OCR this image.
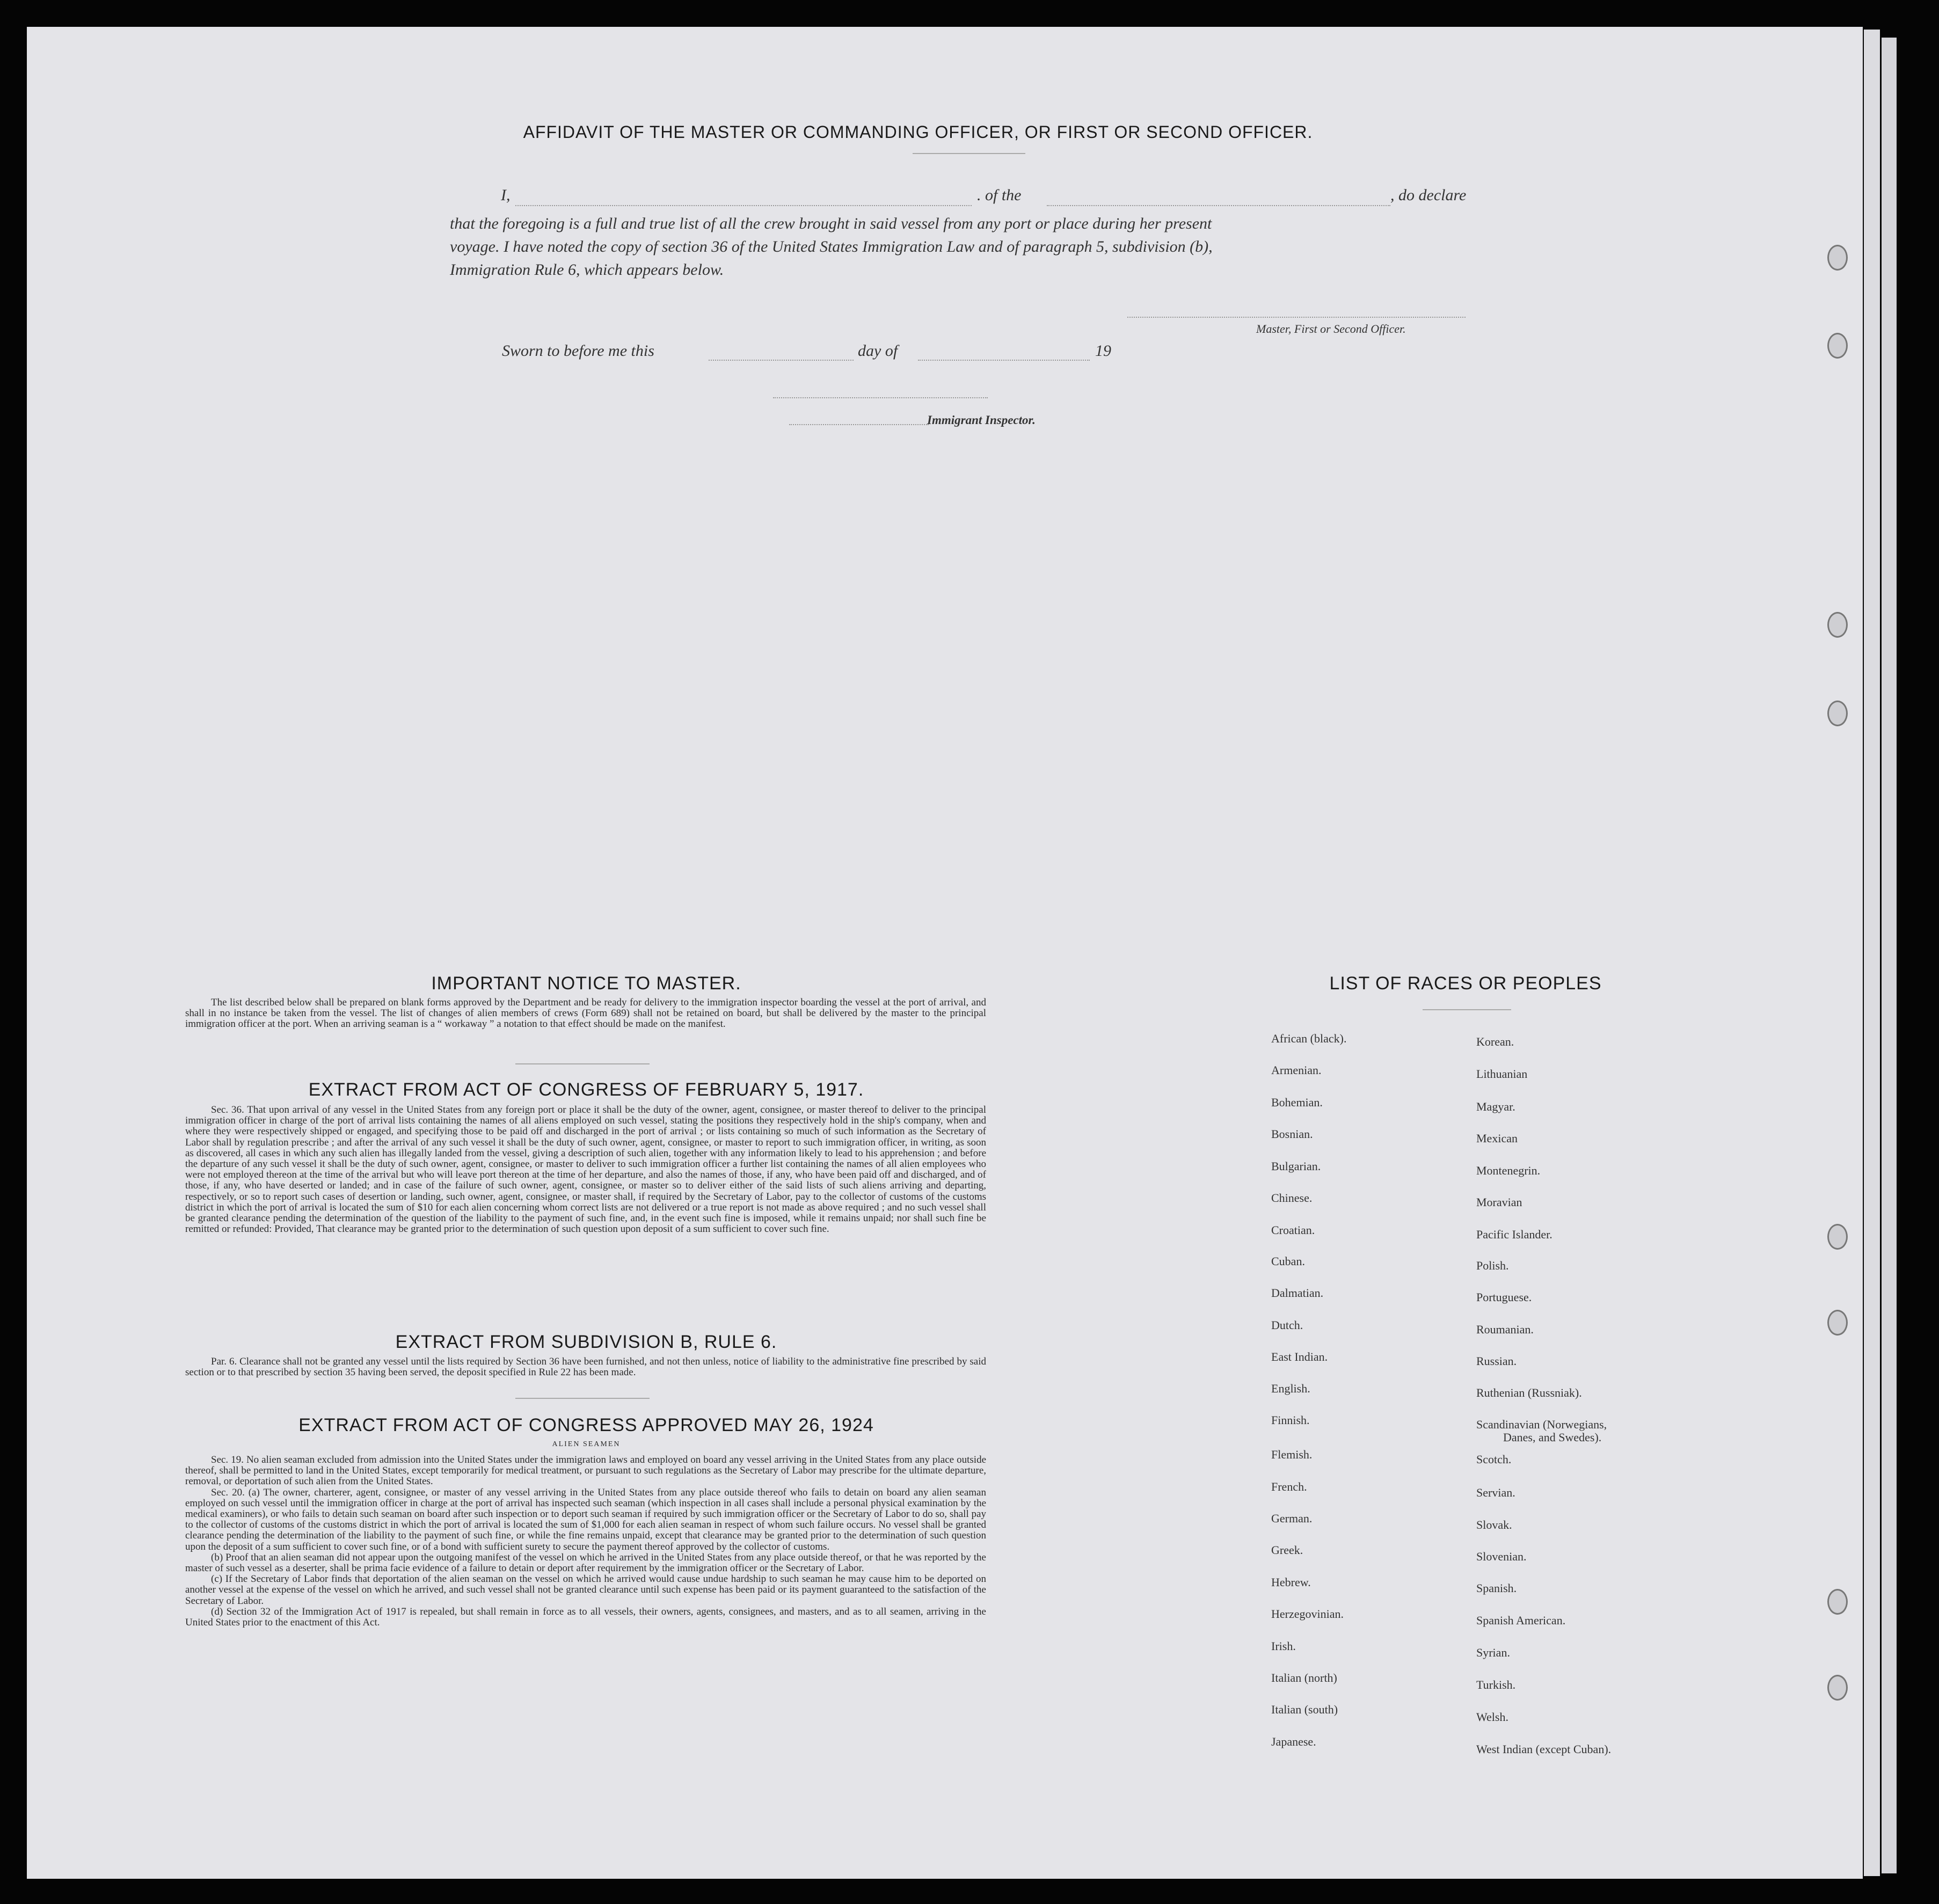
AFFIDAVIT OF THE MASTER OR COMMANDING OFFICER, OR FIRST OR SECOND OFFICER.
I,	. of the	, do declare
that the foregoing is a full and true list of all the crew brought in said vessel from any port or place during her present
voyage. I have noted the copy of section 36 of the United States Immigration Law and of paragraph 5, subdivision (b),
Immigration Rule 6, which appears below.
Master, First or Second Officer.
Sworn to before me this	day of	19
Immigrant Inspector.
IMPORTANT NOTICE TO MASTER.

The list described below shall be prepared on blank forms approved by the Department and be ready for delivery to the immigration inspector boarding the vessel at the port of arrival, and shall in no instance be taken from the vessel. The list of changes of alien members of crews (Form 689) shall not be retained on board, but shall be delivered by the master to the principal immigration officer at the port. When an arriving seaman is a “ workaway ” a notation to that effect should be made on the manifest.

EXTRACT FROM ACT OF CONGRESS OF FEBRUARY 5, 1917.

Sec. 36. That upon arrival of any vessel in the United States from any foreign port or place it shall be the duty of the owner, agent, consignee, or master thereof to deliver to the principal immigration officer in charge of the port of arrival lists containing the names of all aliens employed on such vessel, stating the positions they respectively hold in the ship's company, when and where they were respectively shipped or engaged, and specifying those to be paid off and discharged in the port of arrival ; or lists containing so much of such information as the Secretary of Labor shall by regulation prescribe ; and after the arrival of any such vessel it shall be the duty of such owner, agent, consignee, or master to report to such immigration officer, in writing, as soon as discovered, all cases in which any such alien has illegally landed from the vessel, giving a description of such alien, together with any information likely to lead to his apprehension ; and before the departure of any such vessel it shall be the duty of such owner, agent, consignee, or master to deliver to such immigration officer a further list containing the names of all alien employees who were not employed thereon at the time of the arrival but who will leave port thereon at the time of her departure, and also the names of those, if any, who have been paid off and discharged, and of those, if any, who have deserted or landed; and in case of the failure of such owner, agent, consignee, or master so to deliver either of the said lists of such aliens arriving and departing, respectively, or so to report such cases of desertion or landing, such owner, agent, consignee, or master shall, if required by the Secretary of Labor, pay to the collector of customs of the customs district in which the port of arrival is located the sum of $10 for each alien concerning whom correct lists are not delivered or a true report is not made as above required ; and no such vessel shall be granted clearance pending the determination of the question of the liability to the payment of such fine, and, in the event such fine is imposed, while it remains unpaid; nor shall such fine be remitted or refunded: Provided, That clearance may be granted prior to the determination of such question upon deposit of a sum sufficient to cover such fine.

EXTRACT FROM SUBDIVISION B, RULE 6.

Par. 6. Clearance shall not be granted any vessel until the lists required by Section 36 have been furnished, and not then unless, notice of liability to the administrative fine prescribed by said section or to that prescribed by section 35 having been served, the deposit specified in Rule 22 has been made.

EXTRACT FROM ACT OF CONGRESS APPROVED MAY 26, 1924
ALIEN SEAMEN

Sec. 19. No alien seaman excluded from admission into the United States under the immigration laws and employed on board any vessel arriving in the United States from any place outside thereof, shall be permitted to land in the United States, except temporarily for medical treatment, or pursuant to such regulations as the Secretary of Labor may prescribe for the ultimate departure, removal, or deportation of such alien from the United States.

Sec. 20. (a) The owner, charterer, agent, consignee, or master of any vessel arriving in the United States from any place outside thereof who fails to detain on board any alien seaman employed on such vessel until the immigration officer in charge at the port of arrival has inspected such seaman (which inspection in all cases shall include a personal physical examination by the medical examiners), or who fails to detain such seaman on board after such inspection or to deport such seaman if required by such immigration officer or the Secretary of Labor to do so, shall pay to the collector of customs of the customs district in which the port of arrival is located the sum of $1,000 for each alien seaman in respect of whom such failure occurs. No vessel shall be granted clearance pending the determination of the liability to the payment of such fine, or while the fine remains unpaid, except that clearance may be granted prior to the determination of such question upon the deposit of a sum sufficient to cover such fine, or of a bond with sufficient surety to secure the payment thereof approved by the collector of customs.

(b) Proof that an alien seaman did not appear upon the outgoing manifest of the vessel on which he arrived in the United States from any place outside thereof, or that he was reported by the master of such vessel as a deserter, shall be prima facie evidence of a failure to detain or deport after requirement by the immigration officer or the Secretary of Labor.

(c) If the Secretary of Labor finds that deportation of the alien seaman on the vessel on which he arrived would cause undue hardship to such seaman he may cause him to be deported on another vessel at the expense of the vessel on which he arrived, and such vessel shall not be granted clearance until such expense has been paid or its payment guaranteed to the satisfaction of the Secretary of Labor.

(d) Section 32 of the Immigration Act of 1917 is repealed, but shall remain in force as to all vessels, their owners, agents, consignees, and masters, and as to all seamen, arriving in the United States prior to the enactment of this Act.

LIST OF RACES OR PEOPLES
African (black).
Armenian.
Bohemian.
Bosnian.
Bulgarian.
Chinese.
Croatian.
Cuban.
Dalmatian.
Dutch.
East Indian.
English.
Finnish.
Flemish.
French.
German.
Greek.
Hebrew.
Herzegovinian.
Irish.
Italian (north)
Italian (south)
Japanese.
Korean.
Lithuanian
Magyar.
Mexican
Montenegrin.
Moravian
Pacific Islander.
Polish.
Portuguese.
Roumanian.
Russian.
Ruthenian (Russniak).
Scandinavian (Norwegians,
Danes, and Swedes).
Scotch.
Servian.
Slovak.
Slovenian.
Spanish.
Spanish American.
Syrian.
Turkish.
Welsh.
West Indian (except Cuban).
